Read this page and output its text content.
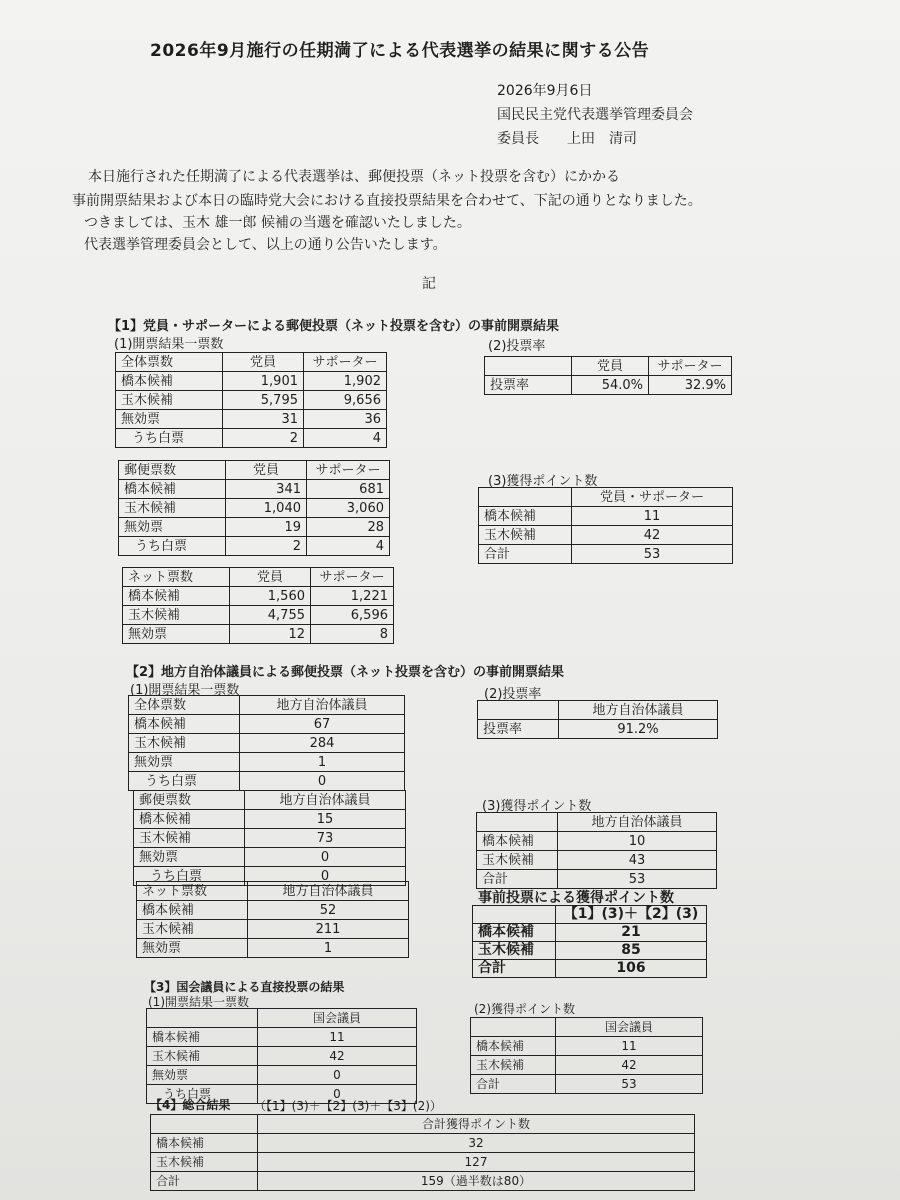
2026年9月施行の任期満了による代表選挙の結果に関する公告
2026年9月6日
国民民主党代表選挙管理委員会
委員長　　上田　清司
本日施行された任期満了による代表選挙は、郵便投票（ネット投票を含む）にかかる
事前開票結果および本日の臨時党大会における直接投票結果を合わせて、下記の通りとなりました。
つきましては、玉木 雄一郎 候補の当選を確認いたしました。
代表選挙管理委員会として、以上の通り公告いたします。
記
【1】党員・サポーターによる郵便投票（ネット投票を含む）の事前開票結果
(1)開票結果一票数	(2)投票率
全体票数	党員	サポーター
橋本候補	1,901	1,902
玉木候補	5,795	9,656
無効票	31	36
うち白票	2	4
	党員	サポーター
投票率	54.0%	32.9%
郵便票数	党員	サポーター
橋本候補	341	681
玉木候補	1,040	3,060
無効票	19	28
うち白票	2	4
(3)獲得ポイント数
	党員・サポーター
橋本候補	11
玉木候補	42
合計	53
ネット票数	党員	サポーター
橋本候補	1,560	1,221
玉木候補	4,755	6,596
無効票	12	8
【2】地方自治体議員による郵便投票（ネット投票を含む）の事前開票結果
(1)開票結果一票数	(2)投票率
全体票数	地方自治体議員
橋本候補	67
玉木候補	284
無効票	1
うち白票	0
	地方自治体議員
投票率	91.2%
郵便票数	地方自治体議員
橋本候補	15
玉木候補	73
無効票	0
うち白票	0
(3)獲得ポイント数
	地方自治体議員
橋本候補	10
玉木候補	43
合計	53
ネット票数	地方自治体議員
橋本候補	52
玉木候補	211
無効票	1
事前投票による獲得ポイント数
	【1】(3)＋【2】(3)
橋本候補	21
玉木候補	85
合計	106
【3】国会議員による直接投票の結果
(1)開票結果一票数	(2)獲得ポイント数
	国会議員
橋本候補	11
玉木候補	42
無効票	0
うち白票	0
	国会議員
橋本候補	11
玉木候補	42
合計	53
【4】総合結果 （【1】(3)＋【2】(3)＋【3】(2)）
	合計獲得ポイント数
橋本候補	32
玉木候補	127
合計	159（過半数は80）
